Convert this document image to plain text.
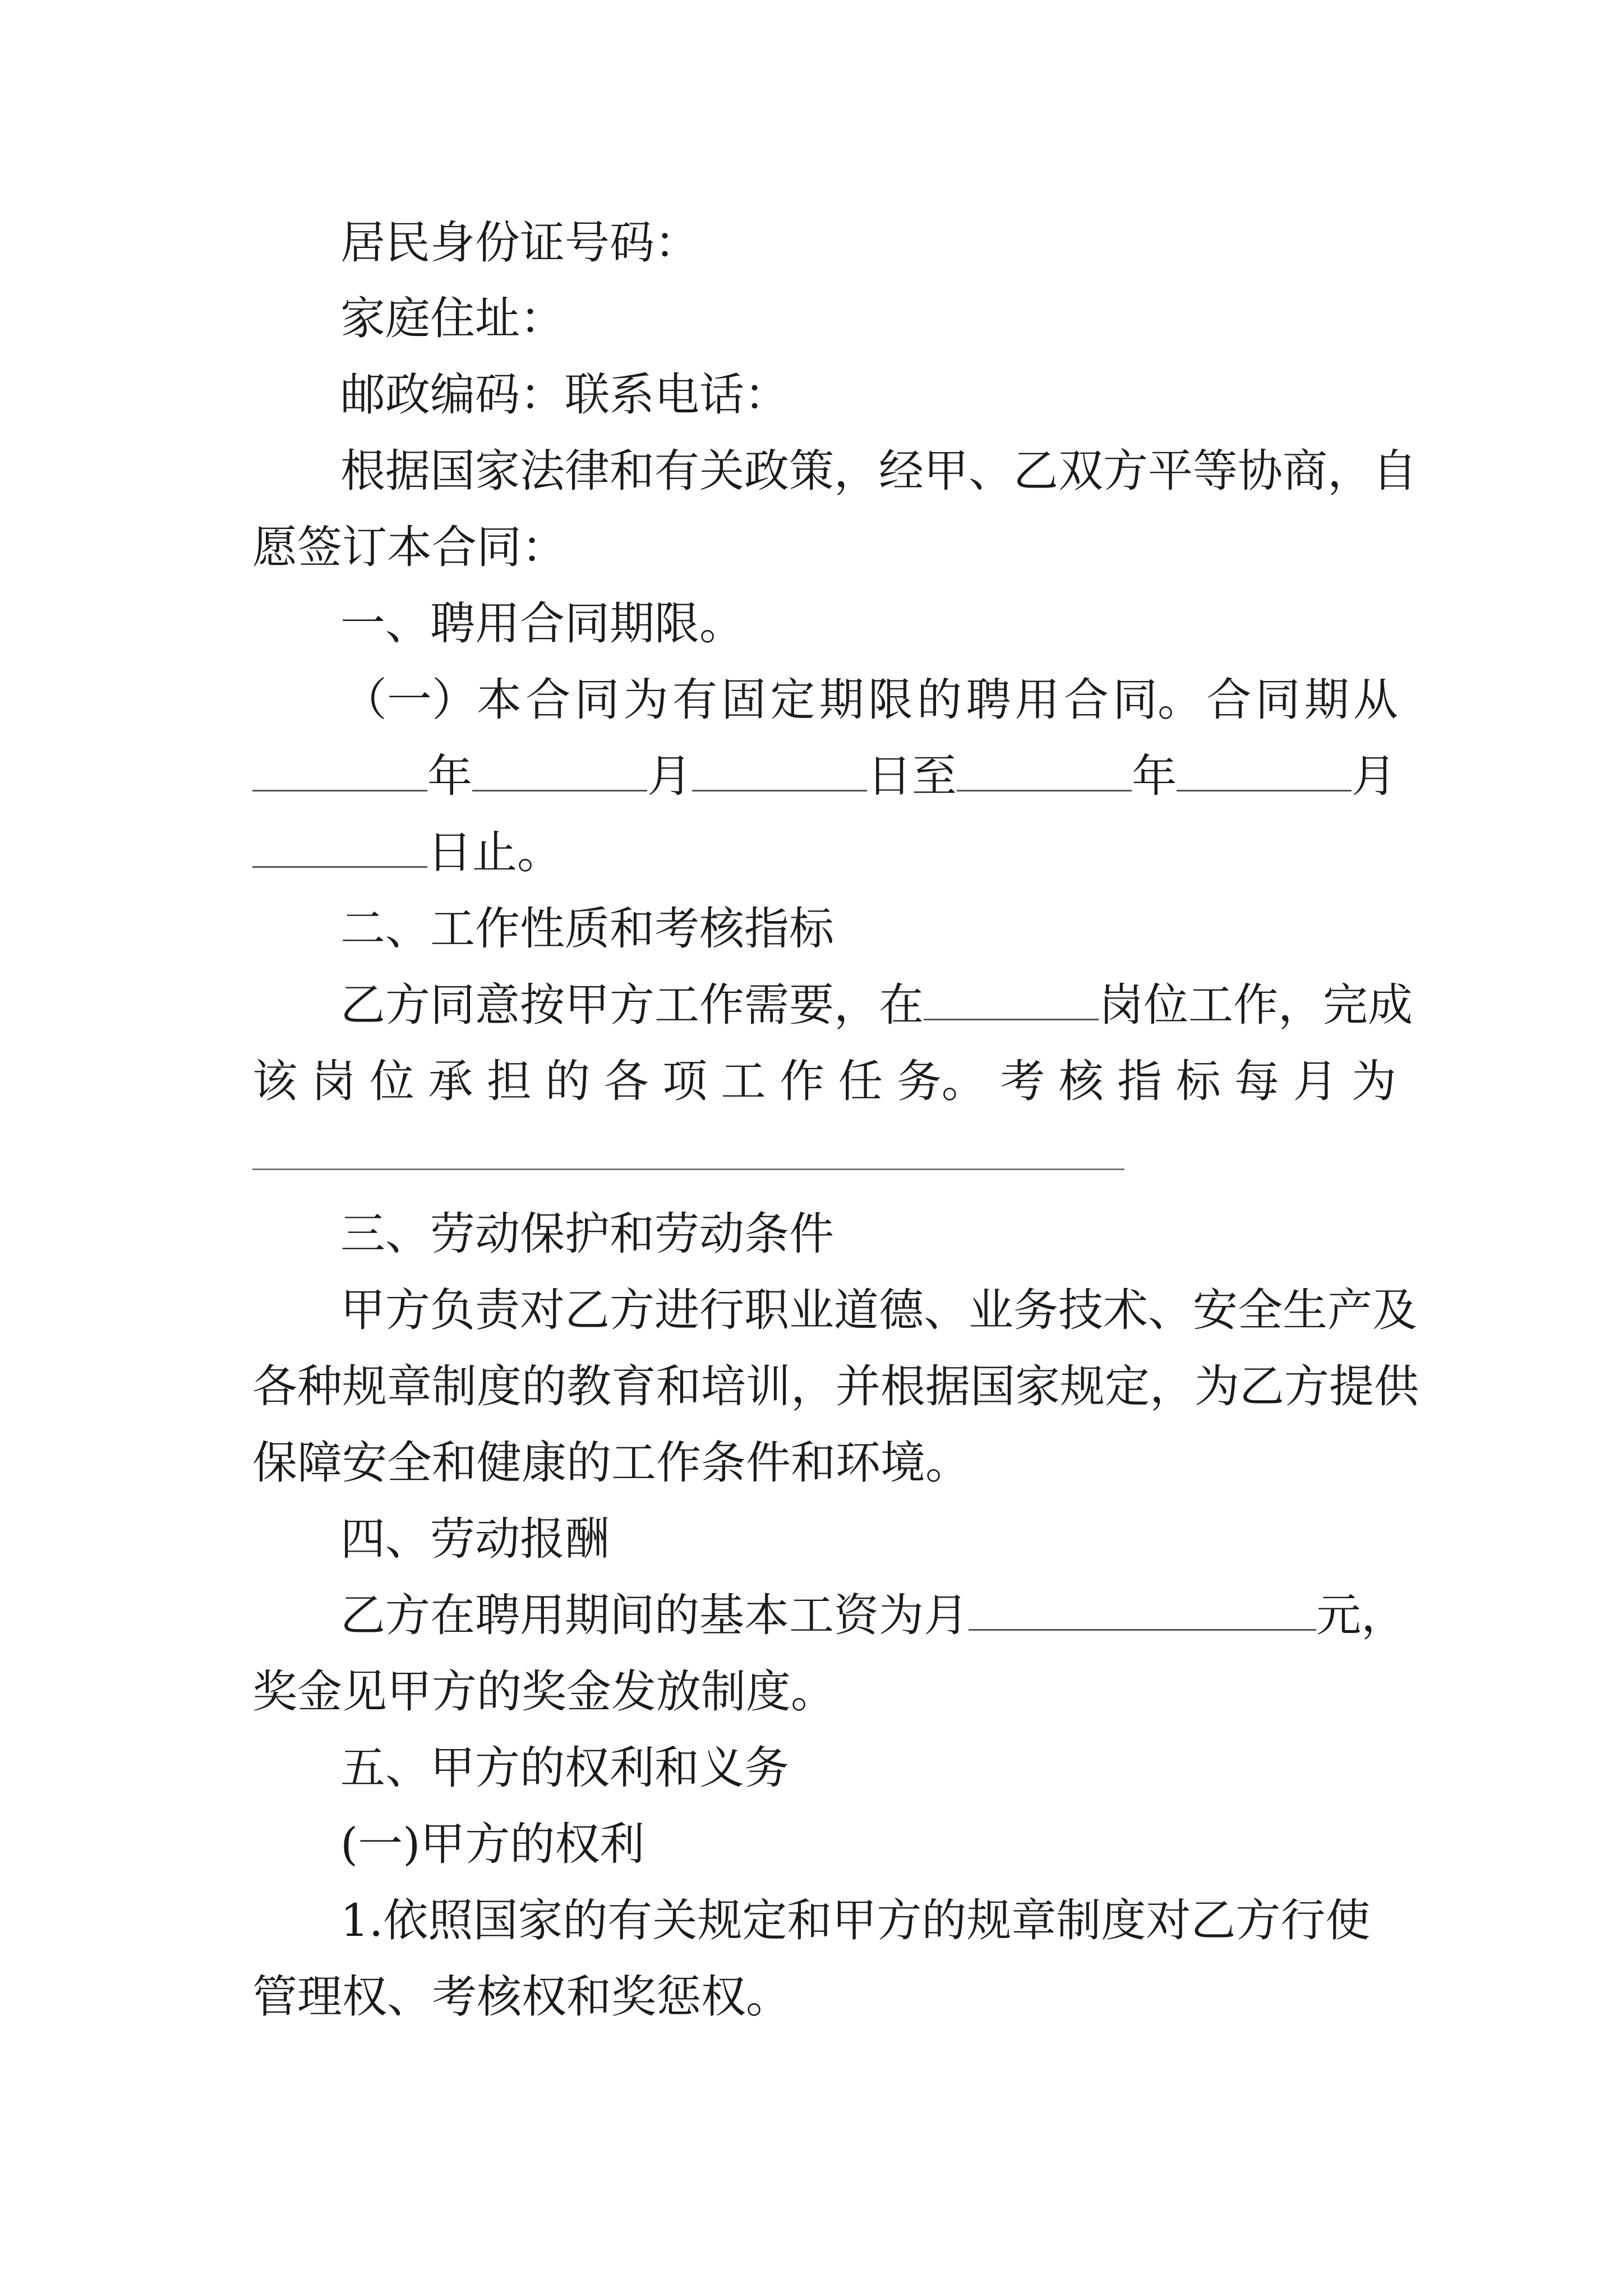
居民身份证号码：
家庭住址：
邮政编码：联系电话：
根 据 国 家 法 律 和 有 关 政 策， 经 甲、 乙 双 方 平 等 协 商， 自
愿签订本合同：
一、聘用合同期限。
（一）本 合 同 为 有 固 定 期 限 的 聘 用 合 同。 合 同 期 从
年	月	日至	年	月
日止。
二、工作性质和考核指标
乙方同意按甲方工作需要，在	岗位工作，完成
该 岗 位 承 担 的 各 项 工 作 任 务。 考 核 指 标 每 月 为
三、劳动保护和劳动条件
甲方负责对乙方进行职业道德、业务技术、安全生产及
各种规章制度的教育和培训，并根据国家规定，为乙方提供
保障安全和健康的工作条件和环境。
四、劳动报酬
乙方在聘用期间的基本工资为月	元，
奖金见甲方的奖金发放制度。
五、甲方的权利和义务
(一)甲方的权利
1.依照国家的有关规定和甲方的规章制度对乙方行使
管理权、考核权和奖惩权。
